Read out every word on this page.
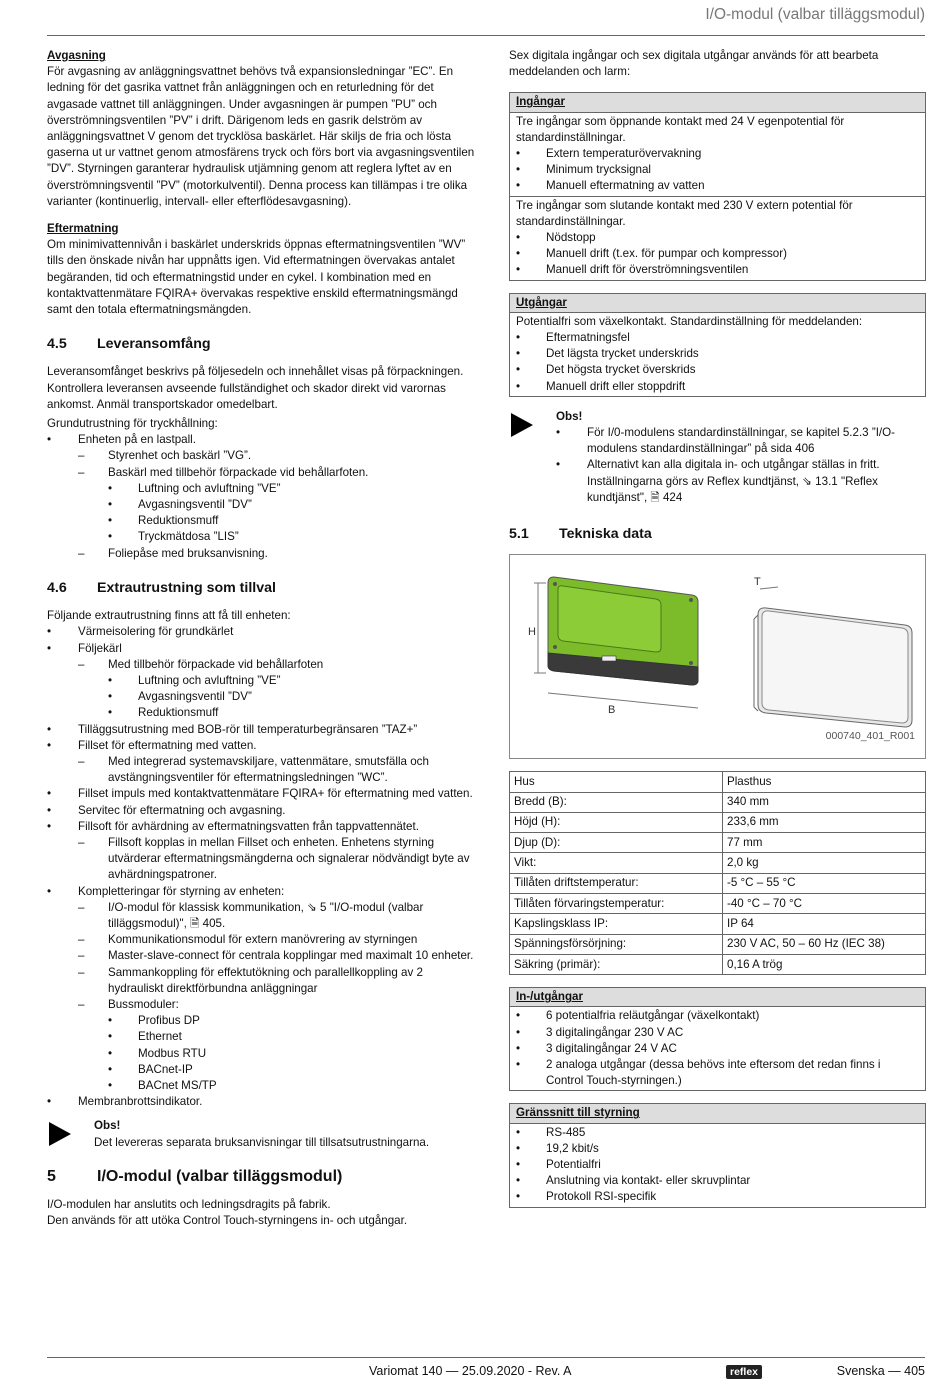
I/O-modul (valbar tilläggsmodul)

Avgasning

För avgasning av anläggningsvattnet behövs två expansionsledningar ”EC”. En ledning för det gasrika vattnet från anläggningen och en returledning för det avgasade vattnet till anläggningen. Under avgasningen är pumpen ”PU” och överströmningsventilen ”PV” i drift. Därigenom leds en gasrik delström av anläggningsvattnet V genom det trycklösa baskärlet. Här skiljs de fria och lösta gaserna ut ur vattnet genom atmosfärens tryck och förs bort via avgasningsventilen ”DV”. Styrningen garanterar hydraulisk utjämning genom att reglera lyftet av en överströmningsventil ”PV” (motorkulventil). Denna process kan tillämpas i tre olika varianter (kontinuerlig, intervall- eller efterflödesavgasning).

Eftermatning

Om minimivattennivån i baskärlet underskrids öppnas eftermatningsventilen ”WV” tills den önskade nivån har uppnåtts igen. Vid eftermatningen övervakas antalet begäranden, tid och eftermatningstid under en cykel. I kombination med en kontaktvattenmätare FQIRA+ övervakas respektive enskild eftermatningsmängd samt den totala eftermatningsmängden.

4.5	Leveransomfång

Leveransomfånget beskrivs på följesedeln och innehållet visas på förpackningen. Kontrollera leveransen avseende fullständighet och skador direkt vid varornas ankomst. Anmäl transportskador omedelbart.

Grundutrustning för tryckhållning:

• Enheten på en lastpall.
– Styrenhet och baskärl ”VG”.
– Baskärl med tillbehör förpackade vid behållarfoten.
• Luftning och avluftning ”VE”
• Avgasningsventil ”DV”
• Reduktionsmuff
• Tryckmätdosa ”LIS”
– Foliepåse med bruksanvisning.
4.6	Extrautrustning som tillval

Följande extrautrustning finns att få till enheten:

• Värmeisolering för grundkärlet
• Följekärl
– Med tillbehör förpackade vid behållarfoten
• Luftning och avluftning ”VE”
• Avgasningsventil ”DV”
• Reduktionsmuff
• Tilläggsutrustning med BOB-rör till temperaturbegränsaren ”TAZ+”
• Fillset för eftermatning med vatten.
– Med integrerad systemavskiljare, vattenmätare, smutsfälla och avstängningsventiler för eftermatningsledningen ”WC”.
• Fillset impuls med kontaktvattenmätare FQIRA+ för eftermatning med vatten.
• Servitec för eftermatning och avgasning.
• Fillsoft för avhärdning av eftermatningsvatten från tappvattennätet.
– Fillsoft kopplas in mellan Fillset och enheten. Enhetens styrning utvärderar eftermatningsmängderna och signalerar nödvändigt byte av avhärdningspatroner.
• Kompletteringar för styrning av enheten:
– I/O-modul för klassisk kommunikation, ⇘ 5 "I/O-modul (valbar tilläggsmodul)", 🗎 405.
– Kommunikationsmodul för extern manövrering av styrningen
– Master-slave-connect för centrala kopplingar med maximalt 10 enheter.
– Sammankoppling för effektutökning och parallellkoppling av 2 hydrauliskt direktförbundna anläggningar
– Bussmoduler:
• Profibus DP
• Ethernet
• Modbus RTU
• BACnet-IP
• BACnet MS/TP
• Membranbrottsindikator.
Obs!
Det levereras separata bruksanvisningar till tillsatsutrustningarna.
5	I/O-modul (valbar tilläggsmodul)

I/O-modulen har anslutits och ledningsdragits på fabrik.

Den används för att utöka Control Touch-styrningens in- och utgångar.

Sex digitala ingångar och sex digitala utgångar används för att bearbeta meddelanden och larm:

Ingångar

Tre ingångar som öppnande kontakt med 24 V egenpotential för standardinställningar.

• Extern temperaturövervakning
• Minimum trycksignal
• Manuell eftermatning av vatten

Tre ingångar som slutande kontakt med 230 V extern potential för standardinställningar.

• Nödstopp
• Manuell drift (t.ex. för pumpar och kompressor)
• Manuell drift för överströmningsventilen
Utgångar

Potentialfri som växelkontakt. Standardinställning för meddelanden:

• Eftermatningsfel
• Det lägsta trycket underskrids
• Det högsta trycket överskrids
• Manuell drift eller stoppdrift
Obs!
• För I/0-modulens standardinställningar, se kapitel 5.2.3 ”I/O-modulens standardinställningar” på sida 406
• Alternativt kan alla digitala in- och utgångar ställas in fritt. Inställningarna görs av Reflex kundtjänst, ⇘ 13.1 "Reflex kundtjänst", 🗎 424
5.1	Tekniska data
H
B
T
000740_401_R001
Hus	Plasthus
Bredd (B):	340 mm
Höjd (H):	233,6 mm
Djup (D):	77 mm
Vikt:	2,0 kg
Tillåten driftstemperatur:	-5 °C – 55 °C
Tillåten förvaringstemperatur:	-40 °C – 70 °C
Kapslingsklass IP:	IP 64
Spänningsförsörjning:	230 V AC, 50 – 60 Hz (IEC 38)
Säkring (primär):	0,16 A trög
In-/utgångar
• 6 potentialfria reläutgångar (växelkontakt)
• 3 digitalingångar 230 V AC
• 3 digitalingångar 24 V AC
• 2 analoga utgångar (dessa behövs inte eftersom det redan finns i Control Touch-styrningen.)
Gränssnitt till styrning
• RS-485
• 19,2 kbit/s
• Potentialfri
• Anslutning via kontakt- eller skruvplintar
• Protokoll RSI-specifik
Variomat 140 — 25.09.2020 - Rev. A	reflex	Svenska — 405
